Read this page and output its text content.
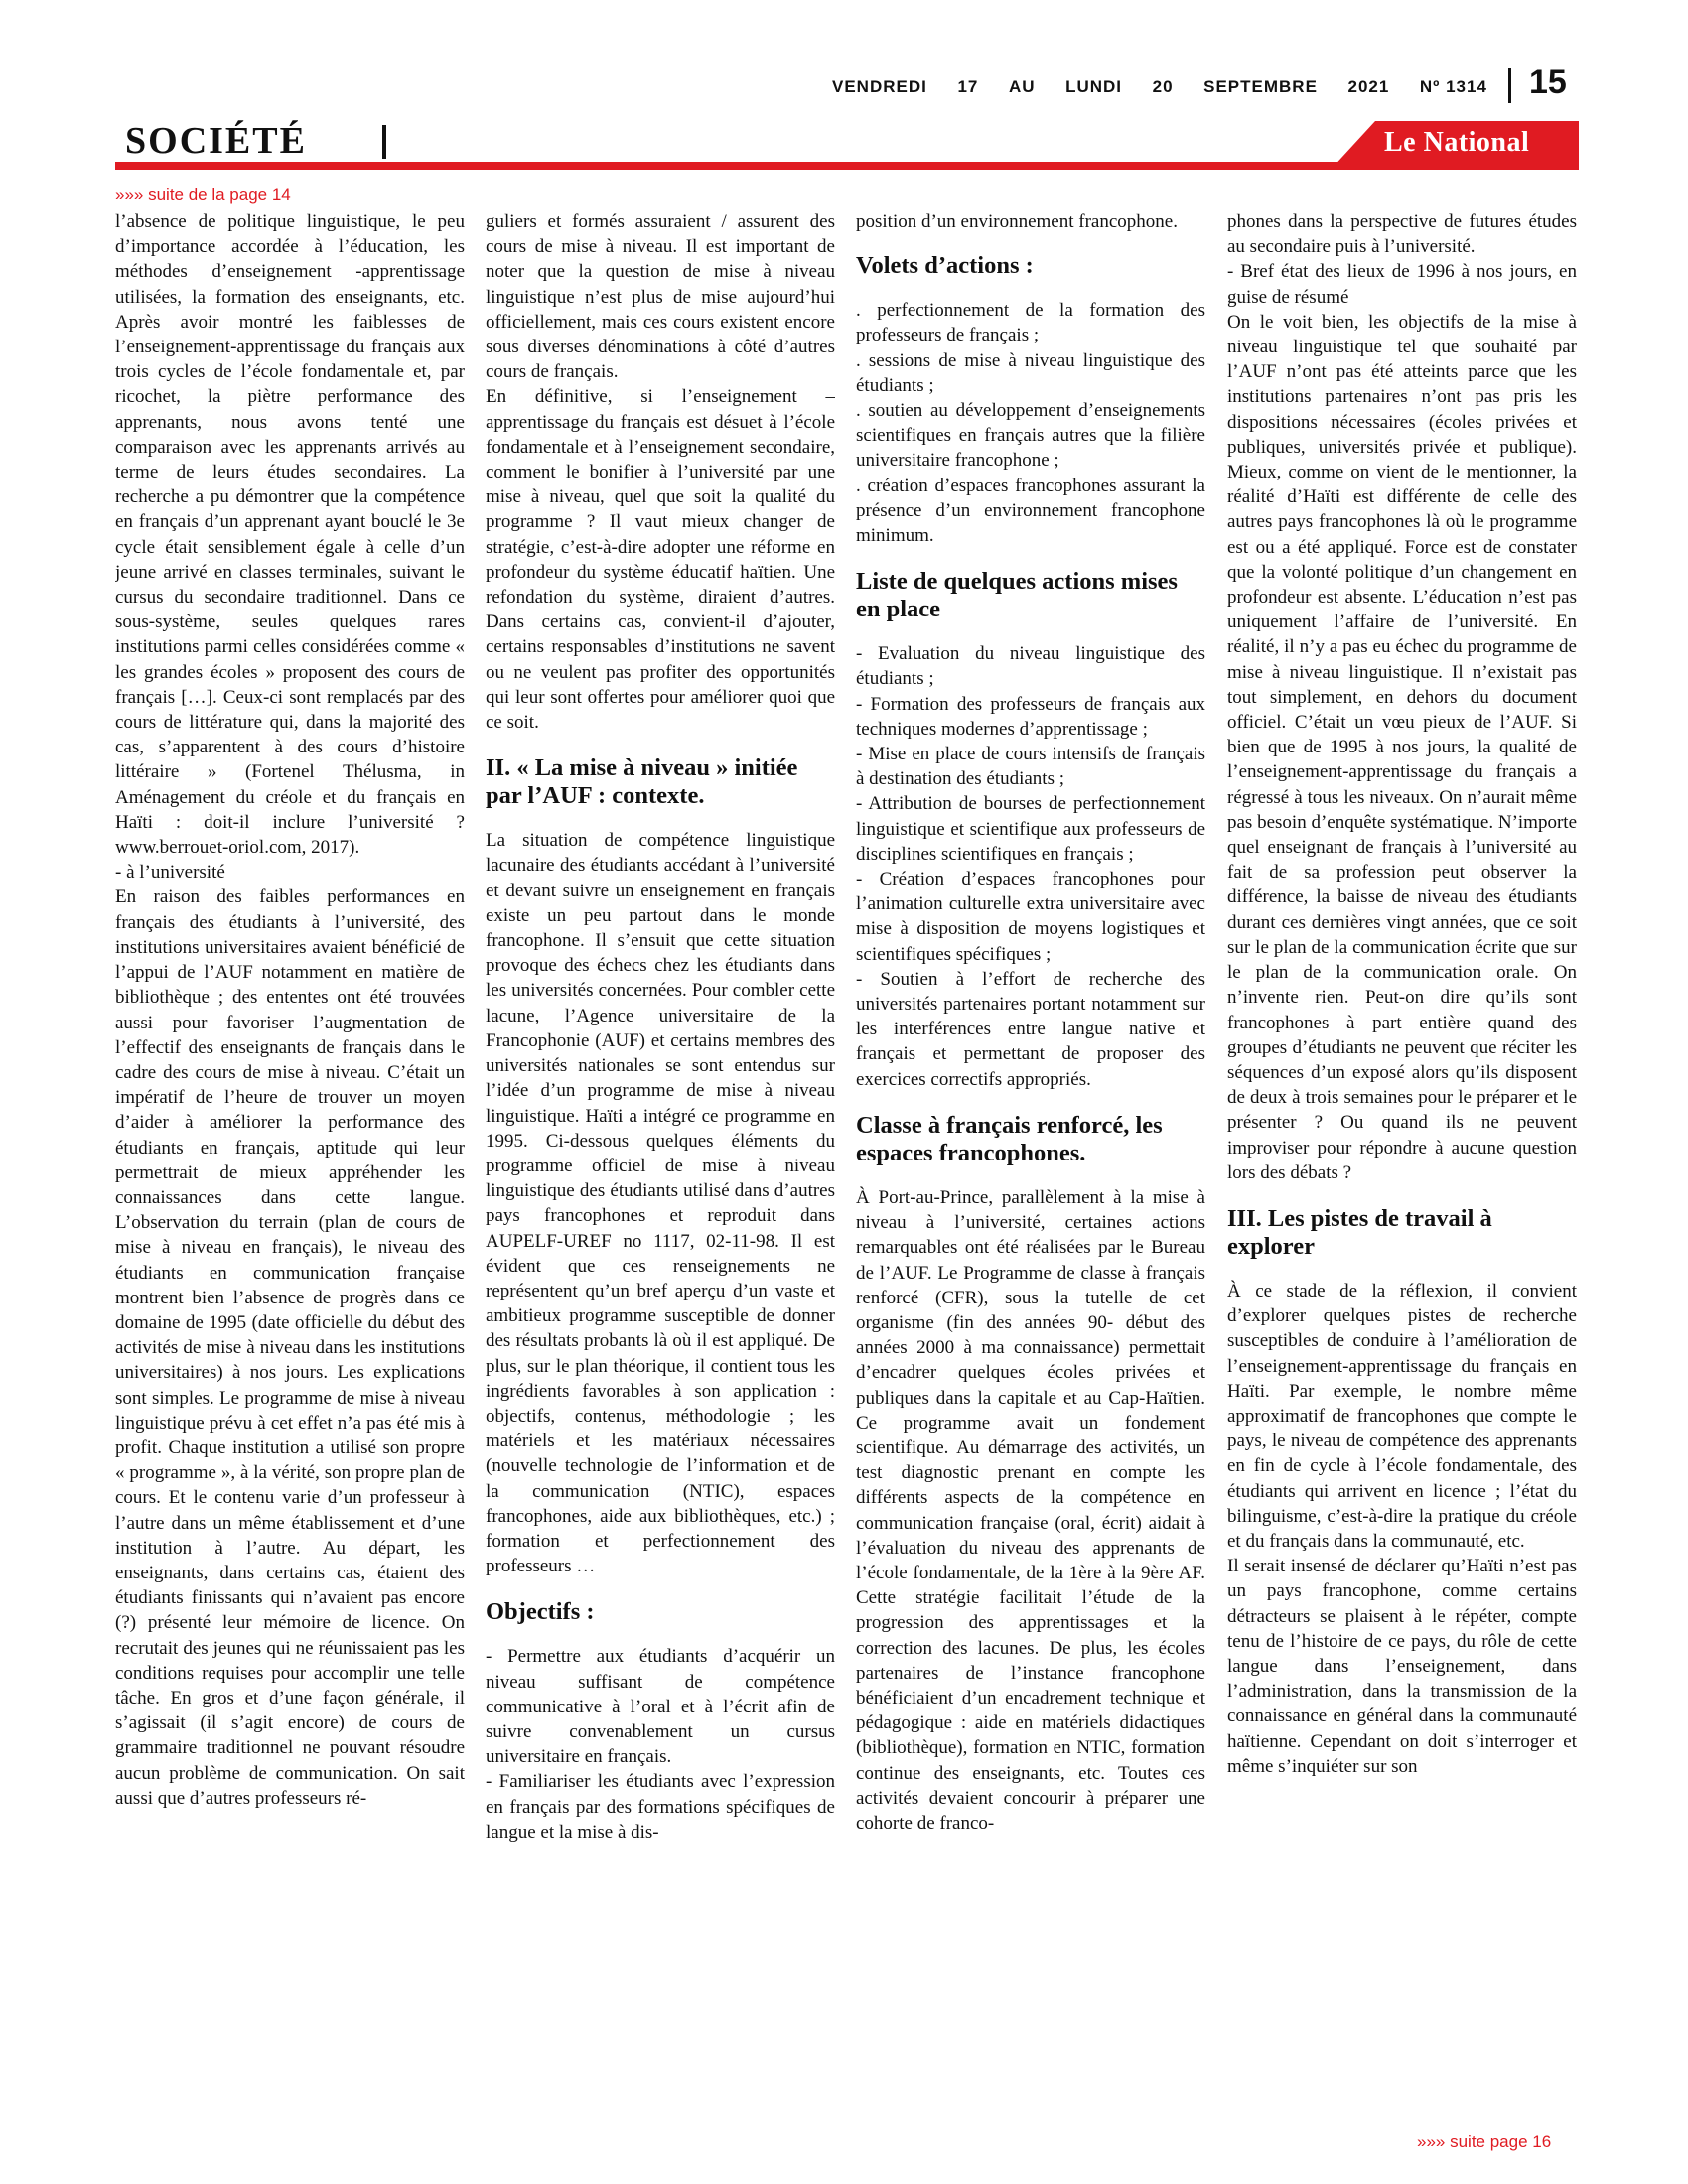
VENDREDI 17 AU LUNDI 20 SEPTEMBRE 2021 Nº 1314 15
SOCIÉTÉ	Le National
»»» suite de la page 14

l’absence de politique linguistique, le peu d’importance accordée à l’éducation, les méthodes d’enseignement -apprentissage utilisées, la formation des enseignants, etc. Après avoir montré les faiblesses de l’enseignement-apprentissage du français aux trois cycles de l’école fondamentale et, par ricochet, la piètre performance des apprenants, nous avons tenté une comparaison avec les apprenants arrivés au terme de leurs études secondaires. La recherche a pu démontrer que la compétence en français d’un apprenant ayant bouclé le 3e cycle était sensiblement égale à celle d’un jeune arrivé en classes terminales, suivant le cursus du secondaire traditionnel. Dans ce sous-système, seules quelques rares institutions parmi celles considérées comme « les grandes écoles » proposent des cours de français […]. Ceux-ci sont remplacés par des cours de littérature qui, dans la majorité des cas, s’apparentent à des cours d’histoire littéraire » (Fortenel Thélusma, in Aménagement du créole et du français en Haïti : doit-il inclure l’université ? www.berrouet-oriol.com, 2017).

- à l’université

En raison des faibles performances en français des étudiants à l’université, des institutions universitaires avaient bénéficié de l’appui de l’AUF notamment en matière de bibliothèque ; des ententes ont été trouvées aussi pour favoriser l’augmentation de l’effectif des enseignants de français dans le cadre des cours de mise à niveau. C’était un impératif de l’heure de trouver un moyen d’aider à améliorer la performance des étudiants en français, aptitude qui leur permettrait de mieux appréhender les connaissances dans cette langue. L’observation du terrain (plan de cours de mise à niveau en français), le niveau des étudiants en communication française montrent bien l’absence de progrès dans ce domaine de 1995 (date officielle du début des activités de mise à niveau dans les institutions universitaires) à nos jours. Les explications sont simples. Le programme de mise à niveau linguistique prévu à cet effet n’a pas été mis à profit. Chaque institution a utilisé son propre « programme », à la vérité, son propre plan de cours. Et le contenu varie d’un professeur à l’autre dans un même établissement et d’une institution à l’autre. Au départ, les enseignants, dans certains cas, étaient des étudiants finissants qui n’avaient pas encore (?) présenté leur mémoire de licence. On recrutait des jeunes qui ne réunissaient pas les conditions requises pour accomplir une telle tâche. En gros et d’une façon générale, il s’agissait (il s’agit encore) de cours de grammaire traditionnel ne pouvant résoudre aucun problème de communication. On sait aussi que d’autres professeurs ré-

guliers et formés assuraient / assurent des cours de mise à niveau. Il est important de noter que la question de mise à niveau linguistique n’est plus de mise aujourd’hui officiellement, mais ces cours existent encore sous diverses dénominations à côté d’autres cours de français.

En définitive, si l’enseignement – apprentissage du français est désuet à l’école fondamentale et à l’enseignement secondaire, comment le bonifier à l’université par une mise à niveau, quel que soit la qualité du programme ? Il vaut mieux changer de stratégie, c’est-à-dire adopter une réforme en profondeur du système éducatif haïtien. Une refondation du système, diraient d’autres. Dans certains cas, convient-il d’ajouter, certains responsables d’institutions ne savent ou ne veulent pas profiter des opportunités qui leur sont offertes pour améliorer quoi que ce soit.

II. « La mise à niveau » initiée par l’AUF : contexte.

La situation de compétence linguistique lacunaire des étudiants accédant à l’université et devant suivre un enseignement en français existe un peu partout dans le monde francophone. Il s’ensuit que cette situation provoque des échecs chez les étudiants dans les universités concernées. Pour combler cette lacune, l’Agence universitaire de la Francophonie (AUF) et certains membres des universités nationales se sont entendus sur l’idée d’un programme de mise à niveau linguistique. Haïti a intégré ce programme en 1995. Ci-dessous quelques éléments du programme officiel de mise à niveau linguistique des étudiants utilisé dans d’autres pays francophones et reproduit dans AUPELF-UREF no 1117, 02-11-98. Il est évident que ces renseignements ne représentent qu’un bref aperçu d’un vaste et ambitieux programme susceptible de donner des résultats probants là où il est appliqué. De plus, sur le plan théorique, il contient tous les ingrédients favorables à son application : objectifs, contenus, méthodologie ; les matériels et les matériaux nécessaires (nouvelle technologie de l’information et de la communication (NTIC), espaces francophones, aide aux bibliothèques, etc.) ; formation et perfectionnement des professeurs …

Objectifs :

- Permettre aux étudiants d’acquérir un niveau suffisant de compétence communicative à l’oral et à l’écrit afin de suivre convenablement un cursus universitaire en français.

- Familiariser les étudiants avec l’expression en français par des formations spécifiques de langue et la mise à dis-

position d’un environnement francophone.

Volets d’actions :

. perfectionnement de la formation des professeurs de français ;

. sessions de mise à niveau linguistique des étudiants ;

. soutien au développement d’enseignements scientifiques en français autres que la filière universitaire francophone ;

. création d’espaces francophones assurant la présence d’un environnement francophone minimum.

Liste de quelques actions mises en place

- Evaluation du niveau linguistique des étudiants ;

- Formation des professeurs de français aux techniques modernes d’apprentissage ;

- Mise en place de cours intensifs de français à destination des étudiants ;

- Attribution de bourses de perfectionnement linguistique et scientifique aux professeurs de disciplines scientifiques en français ;

- Création d’espaces francophones pour l’animation culturelle extra universitaire avec mise à disposition de moyens logistiques et scientifiques spécifiques ;

- Soutien à l’effort de recherche des universités partenaires portant notamment sur les interférences entre langue native et français et permettant de proposer des exercices correctifs appropriés.

Classe à français renforcé, les espaces francophones.

À Port-au-Prince, parallèlement à la mise à niveau à l’université, certaines actions remarquables ont été réalisées par le Bureau de l’AUF. Le Programme de classe à français renforcé (CFR), sous la tutelle de cet organisme (fin des années 90- début des années 2000 à ma connaissance) permettait d’encadrer quelques écoles privées et publiques dans la capitale et au Cap-Haïtien. Ce programme avait un fondement scientifique. Au démarrage des activités, un test diagnostic prenant en compte les différents aspects de la compétence en communication française (oral, écrit) aidait à l’évaluation du niveau des apprenants de l’école fondamentale, de la 1ère à la 9ère AF. Cette stratégie facilitait l’étude de la progression des apprentissages et la correction des lacunes. De plus, les écoles partenaires de l’instance francophone bénéficiaient d’un encadrement technique et pédagogique : aide en matériels didactiques (bibliothèque), formation en NTIC, formation continue des enseignants, etc. Toutes ces activités devaient concourir à préparer une cohorte de franco-

phones dans la perspective de futures études au secondaire puis à l’université.

- Bref état des lieux de 1996 à nos jours, en guise de résumé

On le voit bien, les objectifs de la mise à niveau linguistique tel que souhaité par l’AUF n’ont pas été atteints parce que les institutions partenaires n’ont pas pris les dispositions nécessaires (écoles privées et publiques, universités privée et publique). Mieux, comme on vient de le mentionner, la réalité d’Haïti est différente de celle des autres pays francophones là où le programme est ou a été appliqué. Force est de constater que la volonté politique d’un changement en profondeur est absente. L’éducation n’est pas uniquement l’affaire de l’université. En réalité, il n’y a pas eu échec du programme de mise à niveau linguistique. Il n’existait pas tout simplement, en dehors du document officiel. C’était un vœu pieux de l’AUF. Si bien que de 1995 à nos jours, la qualité de l’enseignement-apprentissage du français a régressé à tous les niveaux. On n’aurait même pas besoin d’enquête systématique. N’importe quel enseignant de français à l’université au fait de sa profession peut observer la différence, la baisse de niveau des étudiants durant ces dernières vingt années, que ce soit sur le plan de la communication écrite que sur le plan de la communication orale. On n’invente rien. Peut-on dire qu’ils sont francophones à part entière quand des groupes d’étudiants ne peuvent que réciter les séquences d’un exposé alors qu’ils disposent de deux à trois semaines pour le préparer et le présenter ? Ou quand ils ne peuvent improviser pour répondre à aucune question lors des débats ?

III. Les pistes de travail à explorer

À ce stade de la réflexion, il convient d’explorer quelques pistes de recherche susceptibles de conduire à l’amélioration de l’enseignement-apprentissage du français en Haïti. Par exemple, le nombre même approximatif de francophones que compte le pays, le niveau de compétence des apprenants en fin de cycle à l’école fondamentale, des étudiants qui arrivent en licence ; l’état du bilinguisme, c’est-à-dire la pratique du créole et du français dans la communauté, etc.

Il serait insensé de déclarer qu’Haïti n’est pas un pays francophone, comme certains détracteurs se plaisent à le répéter, compte tenu de l’histoire de ce pays, du rôle de cette langue dans l’enseignement, dans l’administration, dans la transmission de la connaissance en général dans la communauté haïtienne. Cependant on doit s’interroger et même s’inquiéter sur son

»»» suite page 16
